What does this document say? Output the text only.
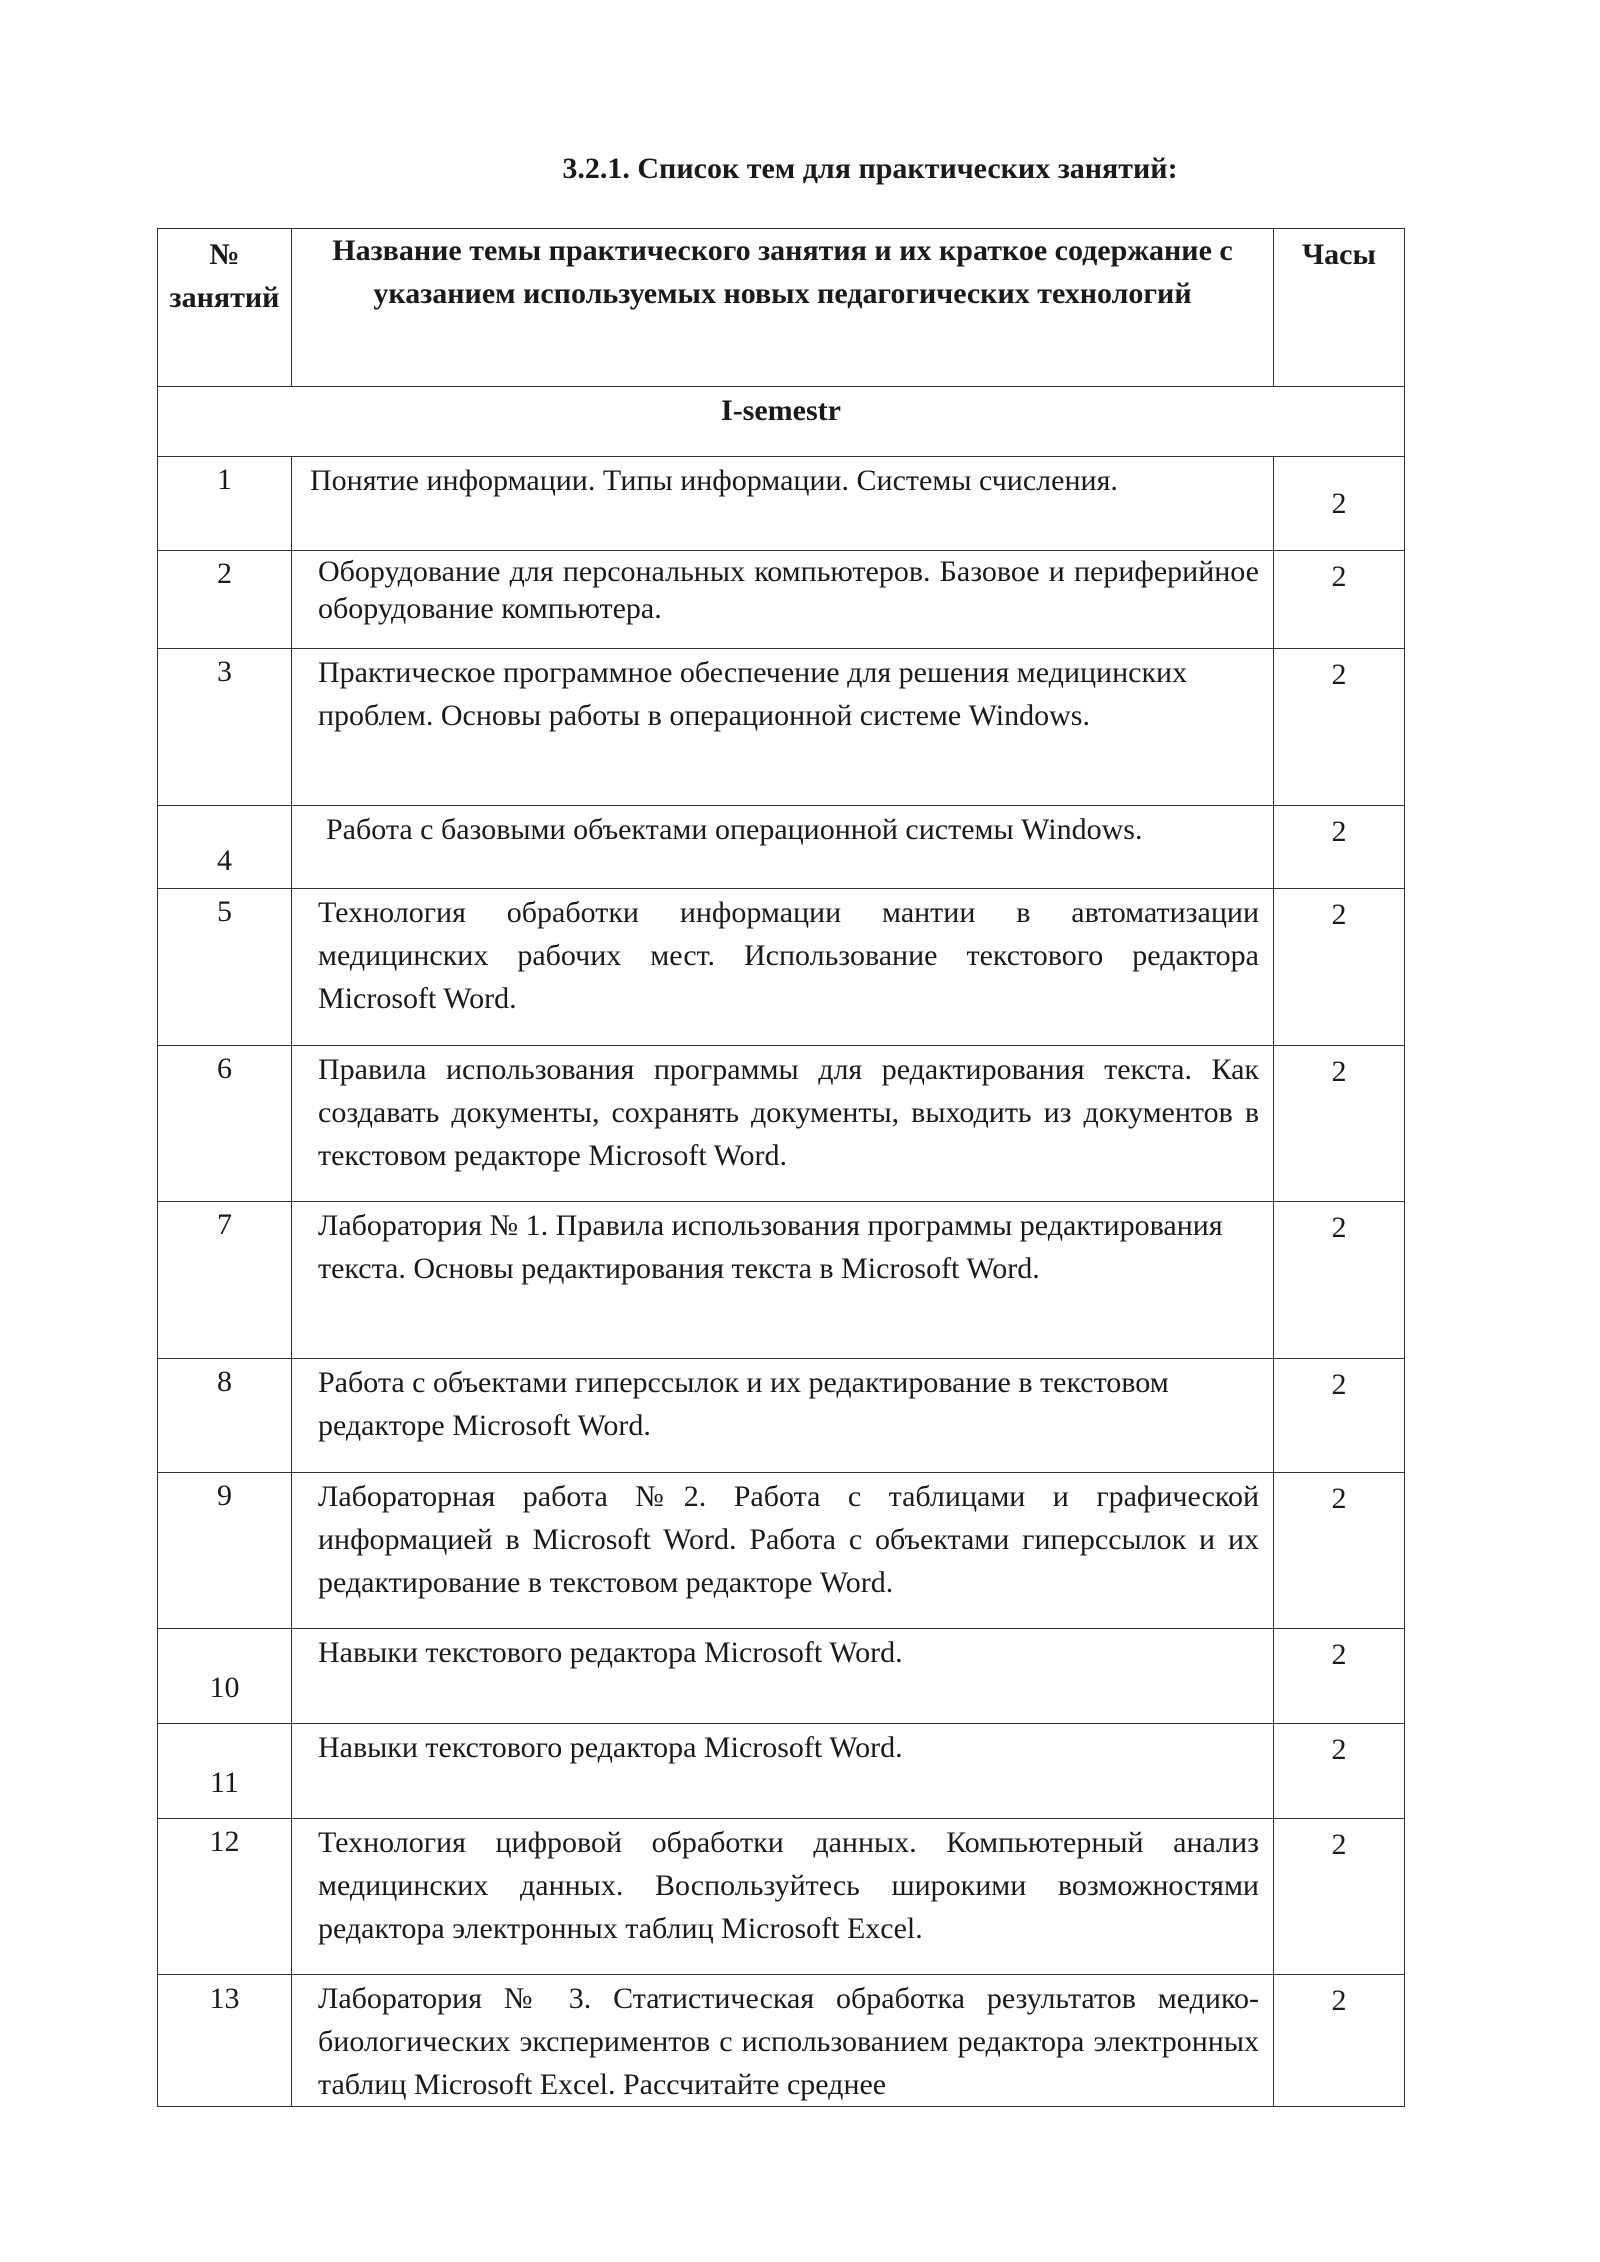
3.2.1. Список тем для практических занятий:
№ занятий	Название темы практического занятия и их краткое содержание с указанием используемых новых педагогических технологий	Часы
I-semestr		
1	Понятие информации. Типы информации. Системы счисления.	2
2	Оборудование для персональных компьютеров. Базовое и периферийное оборудование компьютера.	2
3	Практическое программное обеспечение для решения медицинских проблем. Основы работы в операционной системе Windows.	2
4	Работа с базовыми объектами операционной системы Windows.	2
5	Технология обработки информации мантии в автоматизации медицинских рабочих мест. Использование текстового редактора Microsoft Word.	2
6	Правила использования программы для редактирования текста. Как создавать документы, сохранять документы, выходить из документов в текстовом редакторе Microsoft Word.	2
7	Лаборатория № 1. Правила использования программы редактирования текста. Основы редактирования текста в Microsoft Word.	2
8	Работа с объектами гиперссылок и их редактирование в текстовом редакторе Microsoft Word.	2
9	Лабораторная работа №2. Работа с таблицами и графической информацией в Microsoft Word. Работа с объектами гиперссылок и их редактирование в текстовом редакторе Word.	2
10	Навыки текстового редактора Microsoft Word.	2
11	Навыки текстового редактора Microsoft Word.	2
12	Технология цифровой обработки данных. Компьютерный анализ медицинских данных. Воспользуйтесь широкими возможностями редактора электронных таблиц Microsoft Excel.	2
13	Лаборатория № 3. Статистическая обработка результатов медико-биологических экспериментов с использованием редактора электронных таблиц Microsoft Excel. Рассчитайте среднее	2
